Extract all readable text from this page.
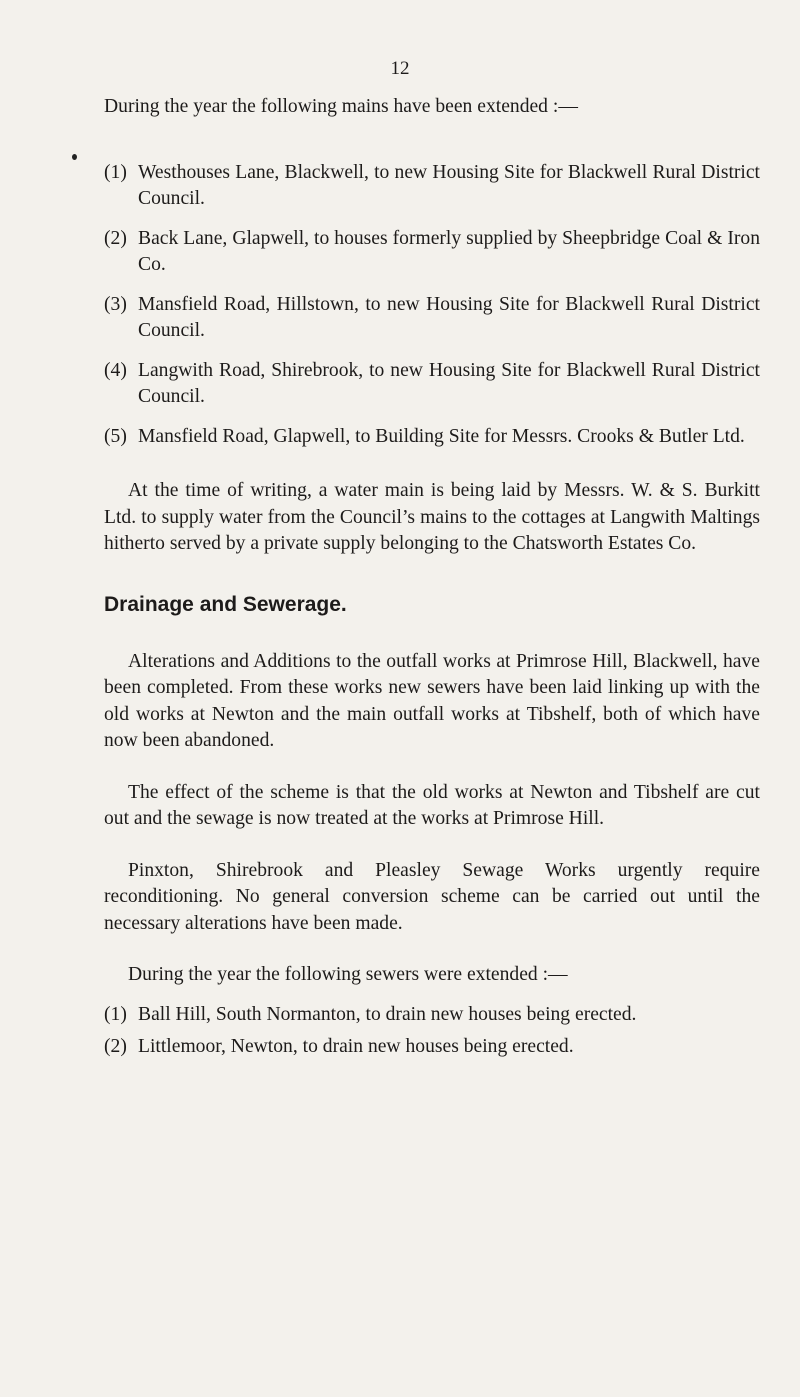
12

During the year the following mains have been extended :—

(1) Westhouses Lane, Blackwell, to new Housing Site for Blackwell Rural District Council.
(2) Back Lane, Glapwell, to houses formerly supplied by Sheepbridge Coal & Iron Co.
(3) Mansfield Road, Hillstown, to new Housing Site for Blackwell Rural District Council.
(4) Langwith Road, Shirebrook, to new Housing Site for Blackwell Rural District Council.
(5) Mansfield Road, Glapwell, to Building Site for Messrs. Crooks & Butler Ltd.

At the time of writing, a water main is being laid by Messrs. W. & S. Burkitt Ltd. to supply water from the Council’s mains to the cottages at Langwith Maltings hitherto served by a private supply belonging to the Chatsworth Estates Co.

Drainage and Sewerage.

Alterations and Additions to the outfall works at Primrose Hill, Blackwell, have been completed. From these works new sewers have been laid linking up with the old works at Newton and the main outfall works at Tibshelf, both of which have now been abandoned.

The effect of the scheme is that the old works at Newton and Tibshelf are cut out and the sewage is now treated at the works at Primrose Hill.

Pinxton, Shirebrook and Pleasley Sewage Works urgently require reconditioning. No general conversion scheme can be carried out until the necessary alterations have been made.

During the year the following sewers were extended :—

(1) Ball Hill, South Normanton, to drain new houses being erected.
(2) Littlemoor, Newton, to drain new houses being erected.
